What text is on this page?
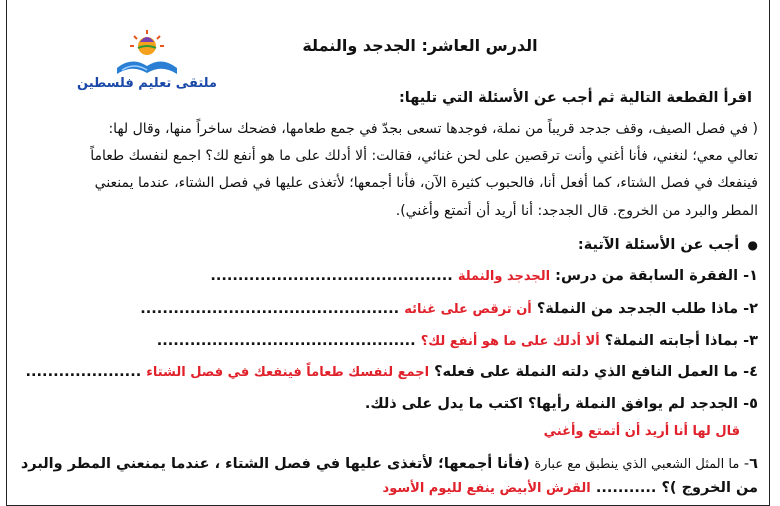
ملتقى تعليم فلسطين
الدرس العاشر: الجدجد والنملة
اقرأ القطعة التالية ثم أجب عن الأسئلة التي تليها:
( في فصل الصيف، وقف جدجد قريباً من نملة، فوجدها تسعى بجدّ في جمع طعامها، فضحك ساخراً منها، وقال لها:
تعالي معي؛ لنغني، فأنا أغني وأنت ترقصين على لحن غنائي، فقالت: ألا أدلك على ما هو أنفع لك؟ اجمع لنفسك طعاماً
فينفعك في فصل الشتاء، كما أفعل أنا، فالحبوب كثيرة الآن، فأنا أجمعها؛ لأتغذى عليها في فصل الشتاء، عندما يمنعني
المطر والبرد من الخروج. قال الجدجد: أنا أريد أن أتمتع وأغني).
●  أجب عن الأسئلة الآتية:
١- الفقرة السابقة من درس: الجدجد والنملة ............................................
٢- ماذا طلب الجدجد من النملة؟ أن ترقص على غنائه ...............................................
٣- بماذا أجابته النملة؟ ألا أدلك على ما هو أنفع لك؟ ...............................................
٤- ما العمل النافع الذي دلته النملة على فعله؟ اجمع لنفسك طعاماً فينفعك في فصل الشتاء .....................
٥- الجدجد لم يوافق النملة رأيها؟ اكتب ما يدل على ذلك.
قال لها أنا أريد أن أتمتع وأغني
٦- ما المثل الشعبي الذي ينطبق مع عبارة (فأنا أجمعها؛ لأتغذى عليها في فصل الشتاء ، عندما يمنعني المطر والبرد
من الخروج )؟ ........... القرش الأبيض ينفع لليوم الأسود
